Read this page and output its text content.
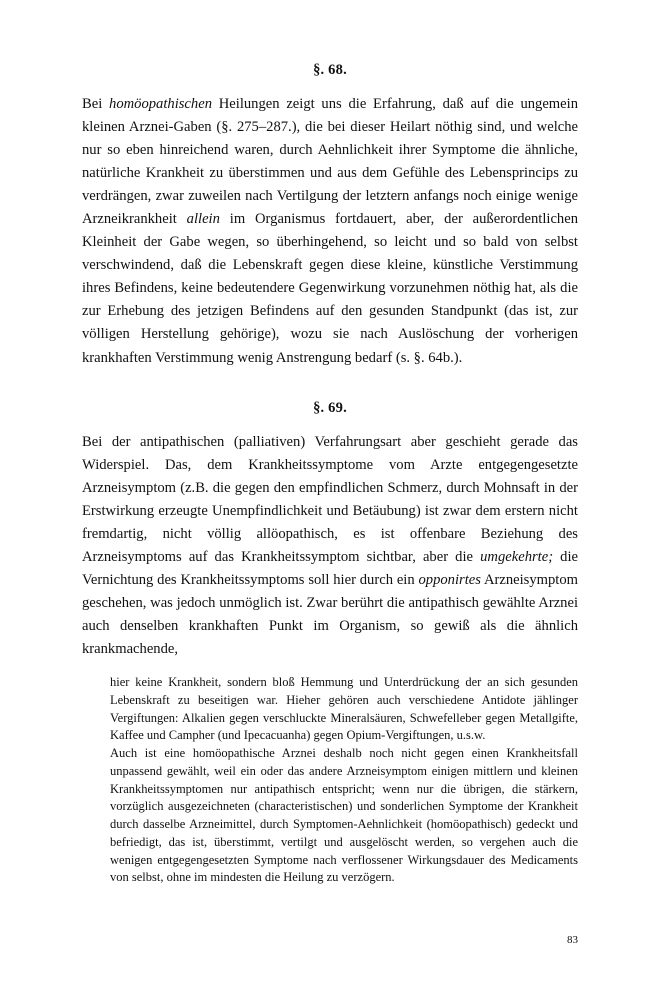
§. 68.

Bei homöopathischen Heilungen zeigt uns die Erfahrung, daß auf die ungemein kleinen Arznei-Gaben (§. 275–287.), die bei dieser Heilart nöthig sind, und welche nur so eben hinreichend waren, durch Aehnlichkeit ihrer Symptome die ähnliche, natürliche Krankheit zu überstimmen und aus dem Gefühle des Lebensprincips zu verdrängen, zwar zuweilen nach Vertilgung der letztern anfangs noch einige wenige Arzneikrankheit allein im Organismus fortdauert, aber, der außerordentlichen Kleinheit der Gabe wegen, so überhingehend, so leicht und so bald von selbst verschwindend, daß die Lebenskraft gegen diese kleine, künstliche Verstimmung ihres Befindens, keine bedeutendere Gegenwirkung vorzunehmen nöthig hat, als die zur Erhebung des jetzigen Befindens auf den gesunden Standpunkt (das ist, zur völligen Herstellung gehörige), wozu sie nach Auslöschung der vorherigen krankhaften Verstimmung wenig Anstrengung bedarf (s. §. 64b.).

§. 69.

Bei der antipathischen (palliativen) Verfahrungsart aber geschieht gerade das Widerspiel. Das, dem Krankheitssymptome vom Arzte entgegengesetzte Arzneisymptom (z.B. die gegen den empfindlichen Schmerz, durch Mohnsaft in der Erstwirkung erzeugte Unempfindlichkeit und Betäubung) ist zwar dem erstern nicht fremdartig, nicht völlig allöopathisch, es ist offenbare Beziehung des Arzneisymptoms auf das Krankheitssymptom sichtbar, aber die umgekehrte; die Vernichtung des Krankheitssymptoms soll hier durch ein opponirtes Arzneisymptom geschehen, was jedoch unmöglich ist. Zwar berührt die antipathisch gewählte Arznei auch denselben krankhaften Punkt im Organism, so gewiß als die ähnlich krankmachende,

hier keine Krankheit, sondern bloß Hemmung und Unterdrückung der an sich gesunden Lebenskraft zu beseitigen war. Hieher gehören auch verschiedene Antidote jählinger Vergiftungen: Alkalien gegen verschluckte Mineralsäuren, Schwefelleber gegen Metallgifte, Kaffee und Campher (und Ipecacuanha) gegen Opium-Vergiftungen, u.s.w.

Auch ist eine homöopathische Arznei deshalb noch nicht gegen einen Krankheitsfall unpassend gewählt, weil ein oder das andere Arzneisymptom einigen mittlern und kleinen Krankheitssymptomen nur antipathisch entspricht; wenn nur die übrigen, die stärkern, vorzüglich ausgezeichneten (characteristischen) und sonderlichen Symptome der Krankheit durch dasselbe Arzneimittel, durch Symptomen-Aehnlichkeit (homöopathisch) gedeckt und befriedigt, das ist, überstimmt, vertilgt und ausgelöscht werden, so vergehen auch die wenigen entgegengesetzten Symptome nach verflossener Wirkungsdauer des Medicaments von selbst, ohne im mindesten die Heilung zu verzögern.

83
